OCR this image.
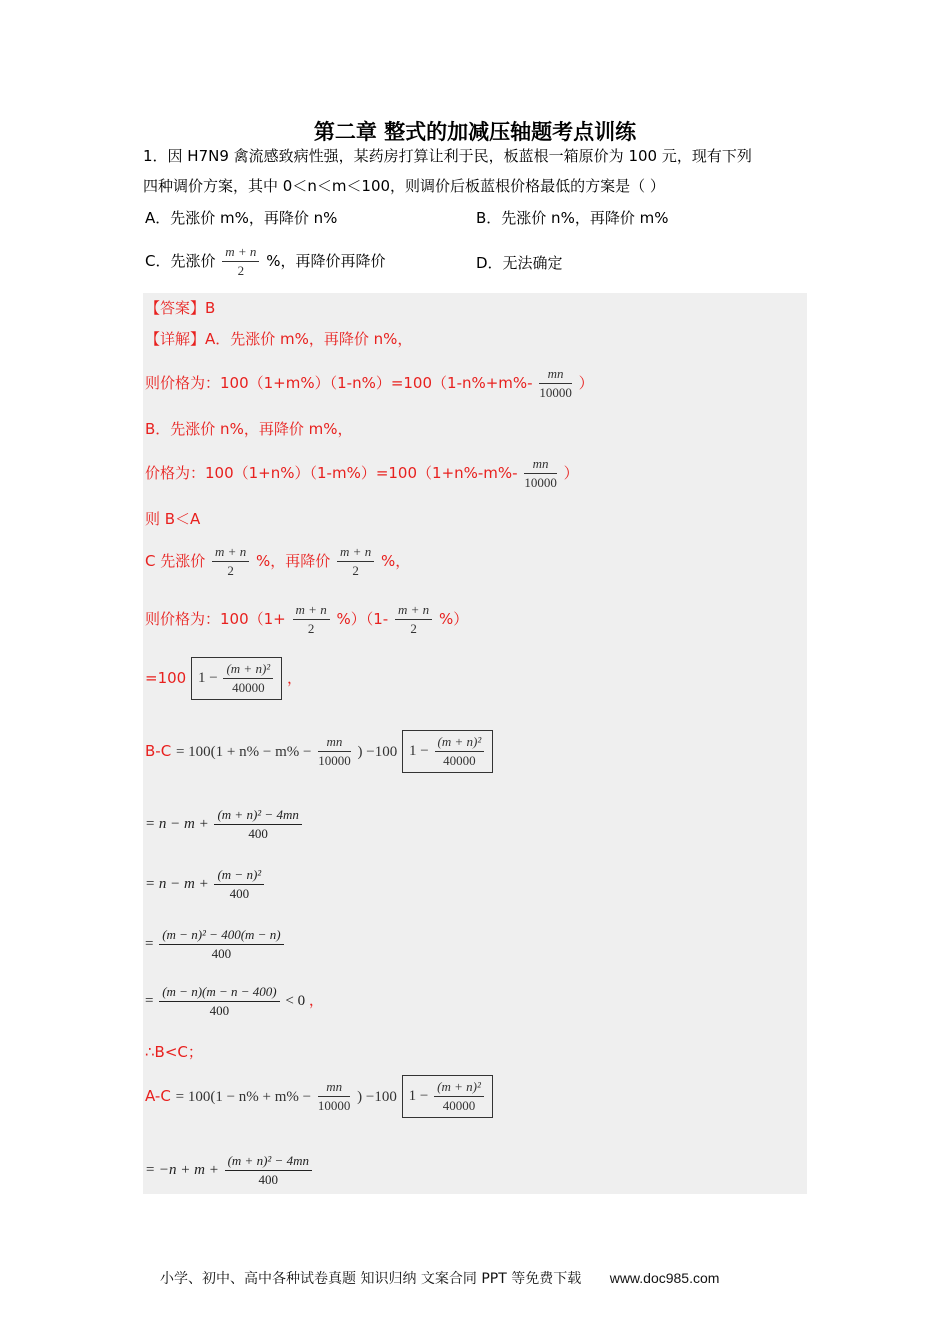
第二章 整式的加减压轴题考点训练
1．因 H7N9 禽流感致病性强，某药房打算让利于民，板蓝根一箱原价为 100 元，现有下列
四种调价方案，其中 0＜n＜m＜100，则调价后板蓝根价格最低的方案是（ ）
A．先涨价 m%，再降价 n%	B．先涨价 n%，再降价 m%
C．先涨价 $\frac{m + n}{2}$ %，再降价再降价	D．无法确定
【答案】B
【详解】A．先涨价 m%，再降价 n%，
则价格为：$100(1+m\%)(1-n\%)=100(1-n\%+m\%- \frac{mn}{10000}$ ）
B．先涨价 n%，再降价 m%，
价格为：$100(1+n\%)(1-m\%)=100(1+n\%-m\%- \frac{mn}{10000}$ ）
则 B＜A
C 先涨价 $\frac{m + n}{2}$ %，再降价 $\frac{m + n}{2}$ %，
则价格为：$100(1+ \frac{m + n}{2} \%)(1- \frac{m + n}{2}$ %）
=100 $1 - \frac{\text{(m + n)²}}{40000}$ ，
$B-C = 100(1 + n\% - m\% - \frac{mn}{10000}$ ) −100 $1 - \frac{\text{(m + n)²}}{40000}$
= $n - m + \frac{\text{(m + n)² − 4mn}}{400}$
= $n - m + \frac{\text{(m − n)²}}{400}$
= $\frac{\text{(m − n)² − 400(m − n)}}{400}$
= $\frac{(m - n)(m - n - 400)}{400} < 0$ ，
∴B<C；
$A-C = 100(1 - n\% + m\% - \frac{mn}{10000}$ ) −100 $1 - \frac{\text{(m + n)²}}{40000}$
= $-n + m + \frac{\text{(m + n)² − 4mn}}{400}$
小学、初中、高中各种试卷真题 知识归纳 文案合同 PPT 等免费下载 www.doc985.com
